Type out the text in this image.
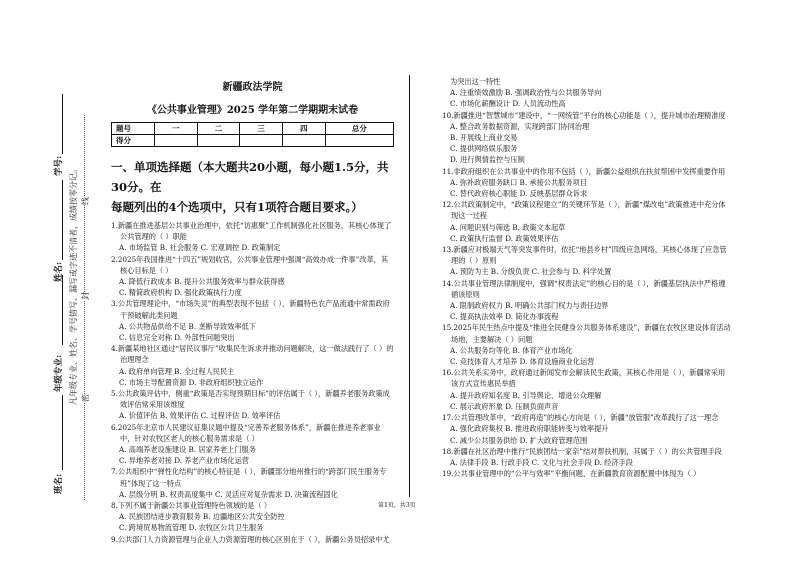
学号:
姓名:
年级专业:
班名:
凡年级专业、姓名、学号错写、漏写或字迹不清者，成绩按零分记。 密
封
线
新疆政法学院
《公共事业管理》2025 学年第二学期期末试卷
题号	一	二	三	四	总分
得分					
一、单项选择题（本大题共20小题，每小题1.5分，共30分。在
每题列出的4个选项中，只有1项符合题目要求。）
1.新疆在推进基层公共事业治理中，依托“访惠聚”工作机制强化社区服务，其核心体现了公共管理的（ ）职能
A. 市场监管 B. 社会服务 C. 宏观调控 D. 政策制定
2.2025年我国推进“十四五”规划收官，公共事业管理中强调“高效办成一件事”改革，其核心目标是（ ）
A. 降低行政成本 B. 提升公共服务效率与群众获得感
C. 精简政府机构 D. 强化政策执行力度
3.公共管理理论中，“市场失灵”的典型表现不包括（ ），新疆特色农产品流通中常需政府干预破解此类问题
A. 公共物品供给不足 B. 垄断导致效率低下
C. 信息完全对称 D. 外部性问题突出
4.新疆某地社区通过“居民议事厅”收集民生诉求并推动问题解决，这一做法践行了（ ）的治理理念
A. 政府单向管理 B. 全过程人民民主
C. 市场主导配置资源 D. 非政府组织独立运作
5.公共政策评估中，侧重“政策是否实现预期目标”的评估属于（ ），新疆养老服务政策成效评估常采用该维度
A. 价值评估 B. 效果评估 C. 过程评估 D. 效率评估
6.2025年北京市人民建议征集议题中提及“完善养老服务体系”，新疆在推进养老事业中，针对农牧区老人的核心服务需求是（ ）
A. 高端养老设施建设 B. 居家养老上门服务
C. 异地养老对接 D. 养老产业市场化运营
7.公共组织中“弹性化结构”的核心特征是（ ），新疆部分地州推行的“跨部门民生服务专班”体现了这一特点
A. 层级分明 B. 权责高度集中 C. 灵活应对复杂需求 D. 决策流程固化
8.下列不属于新疆公共事业管理特色领域的是（ ）
A. 民族团结进步教育服务 B. 边疆地区公共安全防控
C. 跨境贸易物流管理 D. 农牧区公共卫生服务
9.公共部门人力资源管理与企业人力资源管理的核心区别在于（ ），新疆公务员招录中尤
为突出这一特性
A. 注重绩效激励 B. 强调政治性与公共服务导向
C. 市场化薪酬设计 D. 人员流动性高
10.新疆推进“智慧城市”建设中，“一网统管”平台的核心功能是（ ），提升城市治理精准度
A. 整合政务数据资源，实现跨部门协同治理
B. 开展线上商业交易
C. 提供网络娱乐服务
D. 进行舆情监控与压制
11.非政府组织在公共事业中的作用不包括（ ），新疆公益组织在扶贫帮困中发挥重要作用
A. 弥补政府服务缺口 B. 承接公共服务项目
C. 替代政府核心职能 D. 反映基层群众诉求
12.公共政策制定中，“政策议程建立”的关键环节是（ ），新疆“煤改电”政策推进中充分体现这一过程
A. 问题识别与筛选 B. 政策文本起草
C. 政策执行监督 D. 政策效果评估
13.新疆应对极端天气等突发事件时，依托“地县乡村”四级应急网络，其核心体现了应急管理的（ ）原则
A. 预防为主 B. 分级负责 C. 社会参与 D. 科学处置
14.公共事业管理法律制度中，强调“权责法定”的核心目的是（ ），新疆基层执法中严格遵循该原则
A. 限制政府权力 B. 明确公共部门权力与责任边界
C. 提高执法效率 D. 简化办事流程
15.2025年民生热点中提及“推进全民健身公共服务体系建设”，新疆在农牧区建设体育活动场地，主要解决（ ）问题
A. 公共服务均等化 B. 体育产业市场化
C. 竞技体育人才培养 D. 体育设施商业化运营
16.公共关系实务中，政府通过新闻发布会解读民生政策，其核心作用是（ ），新疆常采用该方式宣传惠民举措
A. 提升政府知名度 B. 引导舆论、增进公众理解
C. 展示政府形象 D. 压制负面声音
17.公共管理改革中，“政府再造”的核心方向是（ ），新疆“放管服”改革践行了这一理念
A. 强化政府集权 B. 推进政府职能转变与效率提升
C. 减少公共服务供给 D. 扩大政府管理范围
18.新疆在社区治理中推行“民族团结一家亲”结对帮扶机制，其属于（ ）的公共管理手段
A. 法律手段 B. 行政手段 C. 文化与社会手段 D. 经济手段
19.公共事业管理中的“公平与效率”平衡问题，在新疆教育资源配置中体现为（ ）
第1页，共3页
